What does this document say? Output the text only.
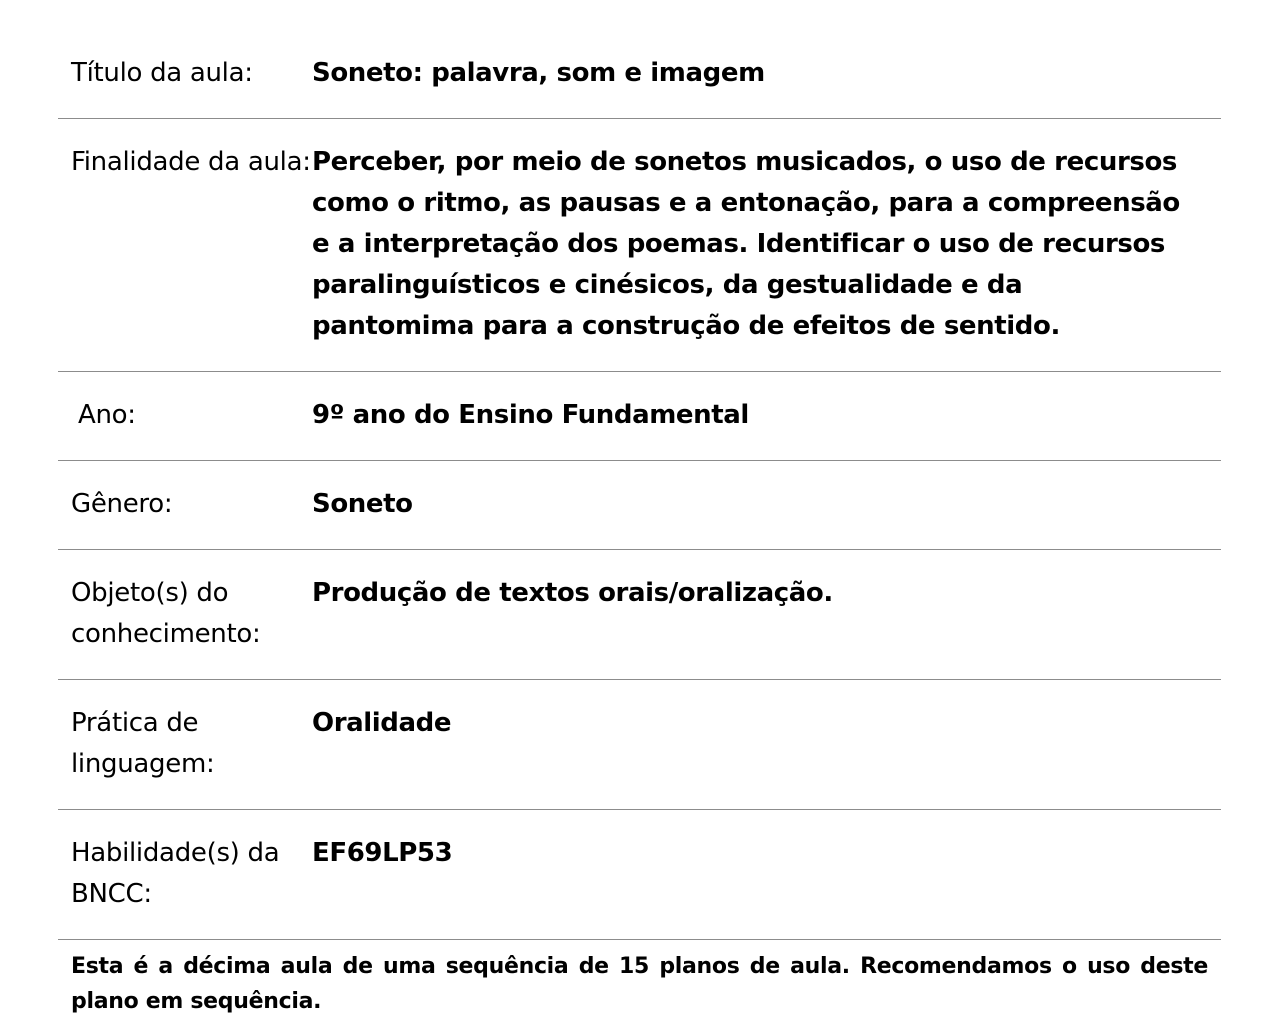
Título da aula:	Soneto: palavra, som e imagem
Finalidade da aula: Perceber, por meio de sonetos musicados, o uso de recursos como o ritmo, as pausas e a entonação, para a compreensão e a interpretação dos poemas. Identificar o uso de recursos paralinguísticos e cinésicos, da gestualidade e da pantomima para a construção de efeitos de sentido.
Ano:	9º ano do Ensino Fundamental
Gênero:	Soneto
Objeto(s) do conhecimento:
Produção de textos orais/oralização.
Prática de linguagem:
Oralidade
Habilidade(s) da BNCC:
EF69LP53
Esta é a décima aula de uma sequência de 15 planos de aula. Recomendamos o uso deste plano em sequência.
